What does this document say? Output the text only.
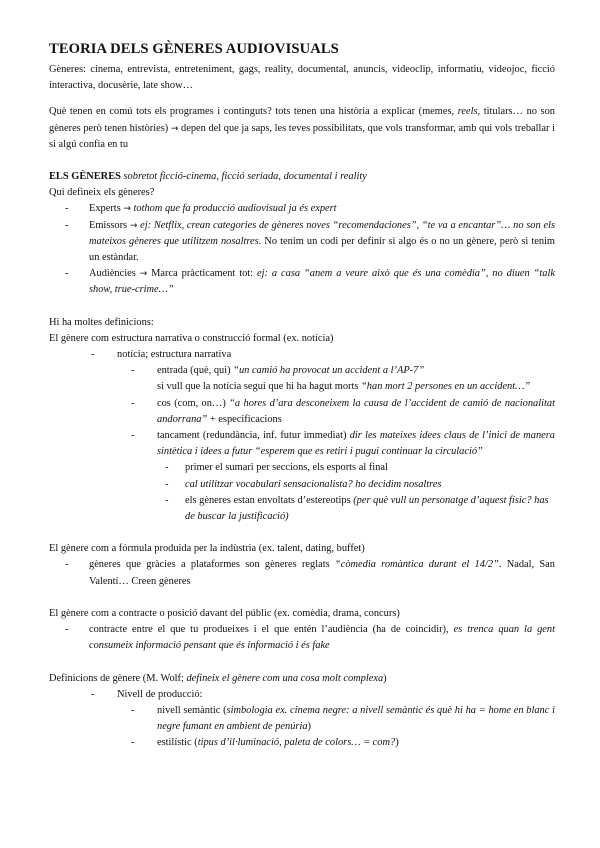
TEORIA DELS GÈNERES AUDIOVISUALS

Gèneres: cinema, entrevista, entreteniment, gags, reality, documental, anuncis, videoclip, informatiu, videojoc, ficció interactiva, docusèrie, late show…

Què tenen en comú tots els programes i continguts? tots tenen una història a explicar (memes, reels, titulars… no son gèneres però tenen històries) → depen del que ja saps, les teves possibilitats, que vols transformar, amb qui vols treballar i si algú confia en tu

ELS GÈNERES sobretot ficció-cinema, ficció seriada, documental i reality

Qui defineix els gèneres?

- Experts → tothom que fa producció audiovisual ja és expert
- Emissors → ej: Netflix, crean categories de gèneres noves “recomendaciones”, “te va a encantar”… no son els mateixos gèneres que utilitzem nosaltres. No tenim un codi per definir si algo és o no un gènere, però si tenim un estàndar.
- Audiències → Marca pràcticament tot: ej: a casa “anem a veure això que és una comèdia”, no diuen “talk show, true-crime…”

Hi ha moltes definicions:

El gènere com estructura narrativa o construcció formal (ex. notícia)

- notícia; estructura narrativa
- entrada (què, qui) “un camió ha provocat un accident a l’AP-7”
si vull que la notícia segui que hi ha hagut morts “han mort 2 persones en un accident…”
- cos (com, on…) “a hores d’ara desconeixem la causa de l’accident de camió de nacionalitat andorrana” + especificacions
- tancament (redundància, inf. futur immediat) dir les mateixes idees claus de l’inici de manera sintètica i idees a futur “esperem que es retiri i pugui continuar la circulació”
- primer el sumari per seccions, els esports al final
- cal utilitzar vocabulari sensacionalista? ho decidim nosaltres
- els gèneres estan envoltats d’estereotips (per què vull un personatge d’aquest físic? has de buscar la justificació)

El gènere com a fórmula produida per la indùstria (ex. talent, dating, buffet)

- gèneres que gràcies a plataformes son gèneres reglats “còmedia romàntica durant el 14/2”. Nadal, San Valentí… Creen gèneres

El gènere com a contracte o posició davant del públic (ex. comèdia, drama, concurs)

- contracte entre el que tu produeixes i el que entén l’audiència (ha de coincidir), es trenca quan la gent consumeix informació pensant que és informació i és fake

Definicions de gènere (M. Wolf; defineix el gènere com una cosa molt complexa)

- Nivell de producció:
- nivell semàntic (simbologia ex. cinema negre: a nivell semàntic és què hi ha = home en blanc i negre fumant en ambient de penúria)
- estilístic (tipus d’il·luminació, paleta de colors… = com?)
